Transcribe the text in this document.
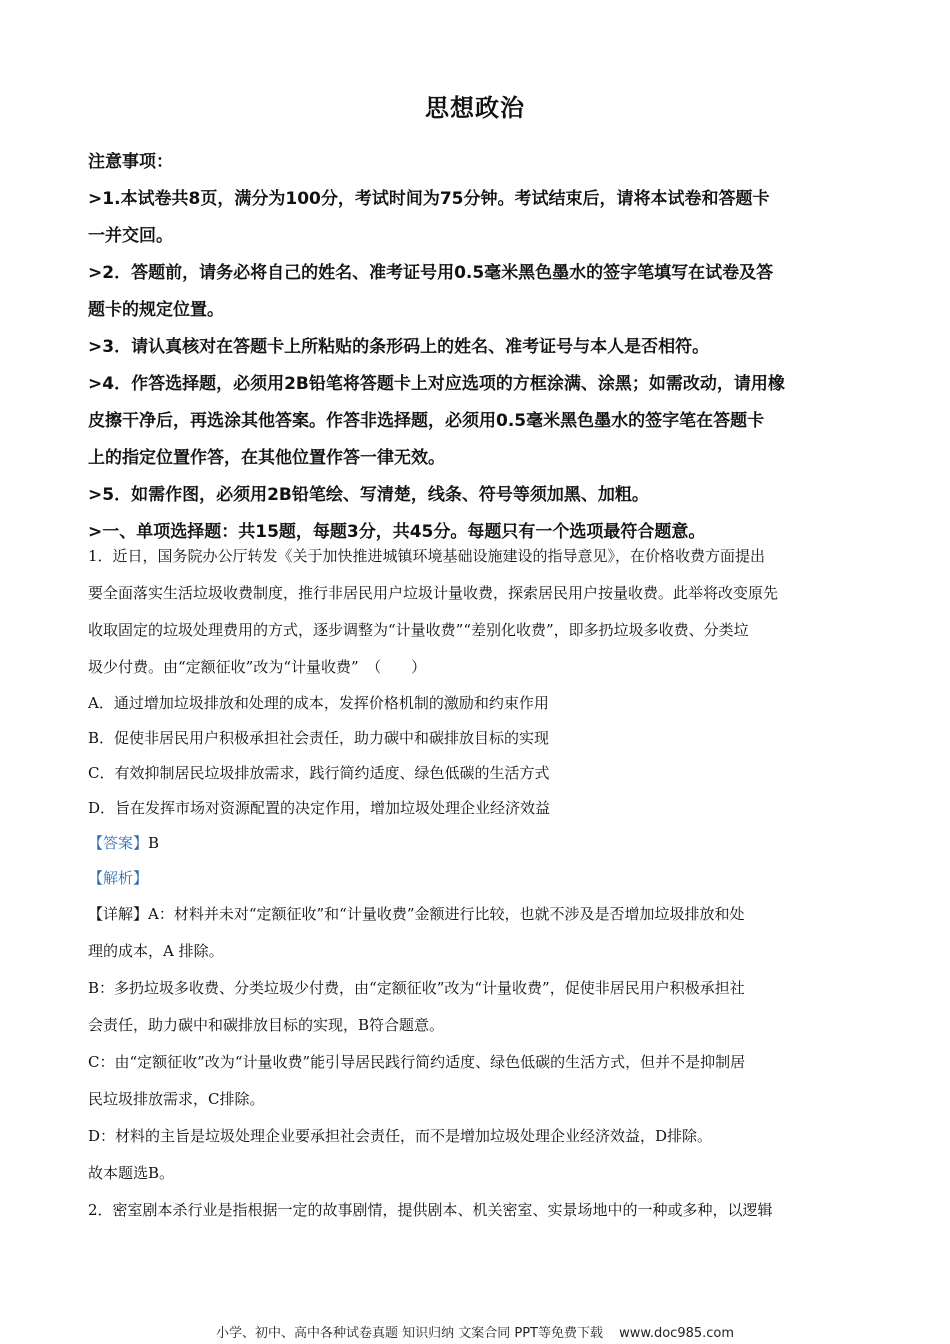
思想政治
注意事项：
>1.本试卷共8页，满分为100分，考试时间为75分钟。考试结束后，请将本试卷和答题卡
一并交回。
>2．答题前，请务必将自己的姓名、准考证号用0.5毫米黑色墨水的签字笔填写在试卷及答
题卡的规定位置。
>3．请认真核对在答题卡上所粘贴的条形码上的姓名、准考证号与本人是否相符。
>4．作答选择题，必须用2B铅笔将答题卡上对应选项的方框涂满、涂黑；如需改动，请用橡
皮擦干净后，再选涂其他答案。作答非选择题，必须用0.5毫米黑色墨水的签字笔在答题卡
上的指定位置作答，在其他位置作答一律无效。
>5．如需作图，必须用2B铅笔绘、写清楚，线条、符号等须加黑、加粗。
>一、单项选择题：共15题，每题3分，共45分。每题只有一个选项最符合题意。
1．近日，国务院办公厅转发《关于加快推进城镇环境基础设施建设的指导意见》，在价格收费方面提出
要全面落实生活垃圾收费制度，推行非居民用户垃圾计量收费，探索居民用户按量收费。此举将改变原先
收取固定的垃圾处理费用的方式，逐步调整为“计量收费”“差别化收费”，即多扔垃圾多收费、分类垃
圾少付费。由“定额征收”改为“计量收费”　（　　）
A．通过增加垃圾排放和处理的成本，发挥价格机制的激励和约束作用
B．促使非居民用户积极承担社会责任，助力碳中和碳排放目标的实现
C．有效抑制居民垃圾排放需求，践行简约适度、绿色低碳的生活方式
D．旨在发挥市场对资源配置的决定作用，增加垃圾处理企业经济效益
【答案】B
【解析】
【详解】A：材料并未对“定额征收”和“计量收费”金额进行比较，也就不涉及是否增加垃圾排放和处
理的成本，A 排除。
B：多扔垃圾多收费、分类垃圾少付费，由“定额征收”改为“计量收费”，促使非居民用户积极承担社
会责任，助力碳中和碳排放目标的实现，B符合题意。
C：由“定额征收”改为“计量收费”能引导居民践行简约适度、绿色低碳的生活方式，但并不是抑制居
民垃圾排放需求，C排除。
D：材料的主旨是垃圾处理企业要承担社会责任，而不是增加垃圾处理企业经济效益，D排除。
故本题选B。
2．密室剧本杀行业是指根据一定的故事剧情，提供剧本、机关密室、实景场地中的一种或多种，以逻辑
小学、初中、高中各种试卷真题 知识归纳 文案合同 PPT等免费下载 www.doc985.com
